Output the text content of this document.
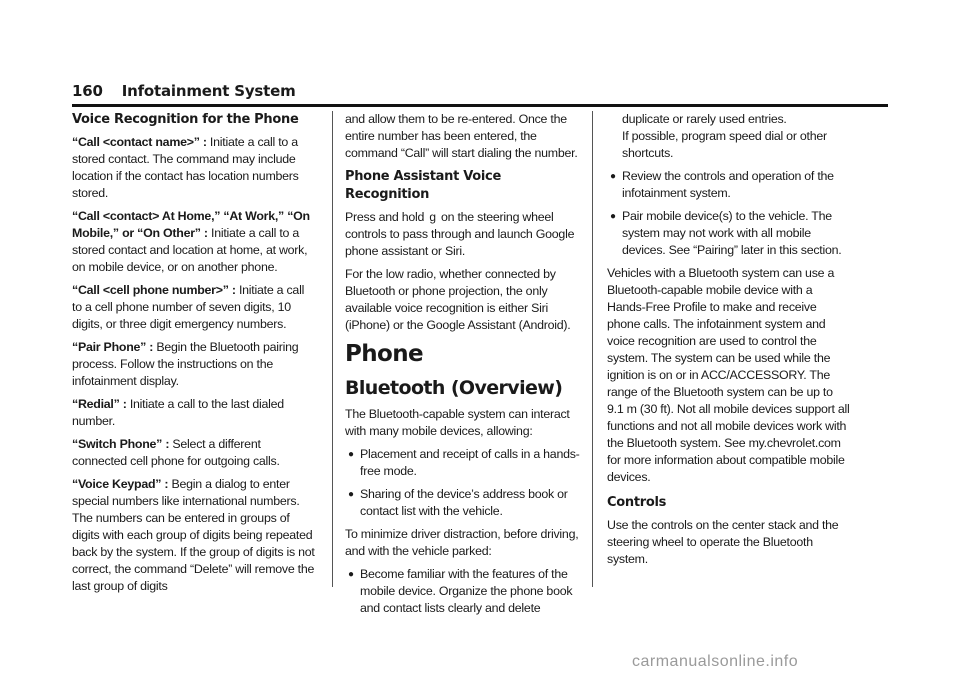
160 Infotainment System
Voice Recognition for the Phone

“Call <contact name>” : Initiate a call to a stored contact. The command may include location if the contact has location numbers stored.

“Call <contact> At Home,” “At Work,” “On Mobile,” or “On Other” : Initiate a call to a stored contact and location at home, at work, on mobile device, or on another phone.

“Call <cell phone number>” : Initiate a call to a cell phone number of seven digits, 10 digits, or three digit emergency numbers.

“Pair Phone” : Begin the Bluetooth pairing process. Follow the instructions on the infotainment display.

“Redial” : Initiate a call to the last dialed number.

“Switch Phone” : Select a different connected cell phone for outgoing calls.

“Voice Keypad” : Begin a dialog to enter special numbers like international numbers. The numbers can be entered in groups of digits with each group of digits being repeated back by the system. If the group of digits is not correct, the command “Delete” will remove the last group of digits

and allow them to be re-entered. Once the entire number has been entered, the command “Call” will start dialing the number.

Phone Assistant Voice Recognition

Press and hold g on the steering wheel controls to pass through and launch Google phone assistant or Siri.

For the low radio, whether connected by Bluetooth or phone projection, the only available voice recognition is either Siri (iPhone) or the Google Assistant (Android).

Phone
Bluetooth (Overview)

The Bluetooth-capable system can interact with many mobile devices, allowing:

● Placement and receipt of calls in a hands-free mode.
● Sharing of the device’s address book or contact list with the vehicle.

To minimize driver distraction, before driving, and with the vehicle parked:

● Become familiar with the features of the mobile device. Organize the phone book and contact lists clearly and delete

duplicate or rarely used entries.

If possible, program speed dial or other shortcuts.

● Review the controls and operation of the infotainment system.
● Pair mobile device(s) to the vehicle. The system may not work with all mobile devices. See “Pairing” later in this section.

Vehicles with a Bluetooth system can use a Bluetooth-capable mobile device with a Hands-Free Profile to make and receive phone calls. The infotainment system and voice recognition are used to control the system. The system can be used while the ignition is on or in ACC/ACCESSORY. The range of the Bluetooth system can be up to 9.1 m (30 ft). Not all mobile devices support all functions and not all mobile devices work with the Bluetooth system. See my.chevrolet.com for more information about compatible mobile devices.

Controls

Use the controls on the center stack and the steering wheel to operate the Bluetooth system.

carmanualsonline.info
